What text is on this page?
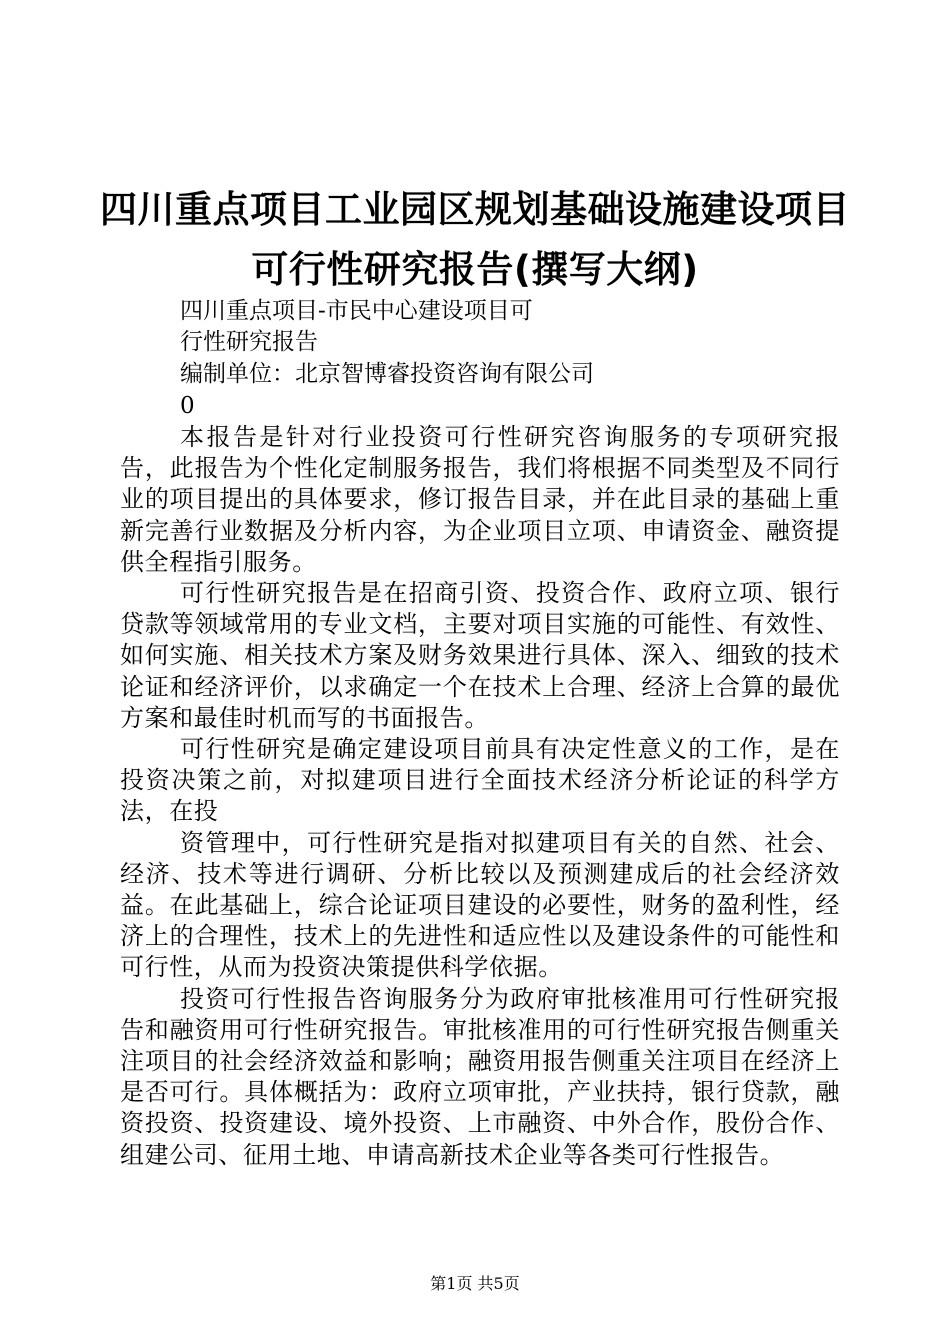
四川重点项目工业园区规划基础设施建设项目
可行性研究报告(撰写大纲)

四川重点项目-市民中心建设项目可

行性研究报告

编制单位：北京智博睿投资咨询有限公司

0

本报告是针对行业投资可行性研究咨询服务的专项研究报告，此报告为个性化定制服务报告，我们将根据不同类型及不同行业的项目提出的具体要求，修订报告目录，并在此目录的基础上重新完善行业数据及分析内容，为企业项目立项、申请资金、融资提供全程指引服务。

可行性研究报告是在招商引资、投资合作、政府立项、银行贷款等领域常用的专业文档，主要对项目实施的可能性、有效性、如何实施、相关技术方案及财务效果进行具体、深入、细致的技术论证和经济评价，以求确定一个在技术上合理、经济上合算的最优方案和最佳时机而写的书面报告。

可行性研究是确定建设项目前具有决定性意义的工作，是在投资决策之前，对拟建项目进行全面技术经济分析论证的科学方法，在投

资管理中，可行性研究是指对拟建项目有关的自然、社会、经济、技术等进行调研、分析比较以及预测建成后的社会经济效益。在此基础上，综合论证项目建设的必要性，财务的盈利性，经济上的合理性，技术上的先进性和适应性以及建设条件的可能性和可行性，从而为投资决策提供科学依据。

投资可行性报告咨询服务分为政府审批核准用可行性研究报告和融资用可行性研究报告。审批核准用的可行性研究报告侧重关注项目的社会经济效益和影响；融资用报告侧重关注项目在经济上是否可行。具体概括为：政府立项审批，产业扶持，银行贷款，融资投资、投资建设、境外投资、上市融资、中外合作，股份合作、组建公司、征用土地、申请高新技术企业等各类可行性报告。

第1页 共5页
